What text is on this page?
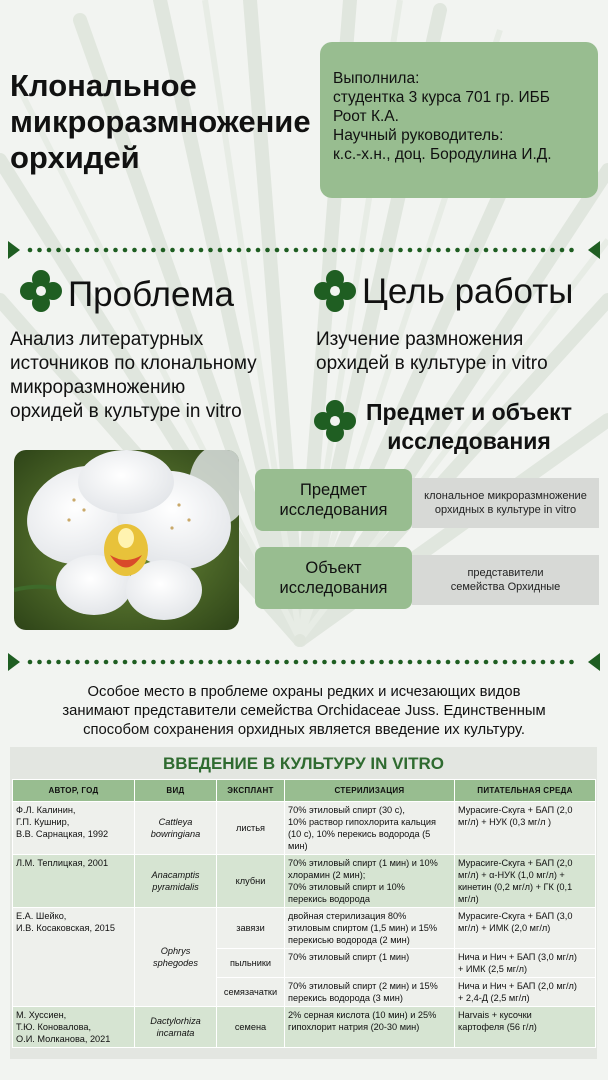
Клональное
микроразмножение
орхидей
Выполнила:
студентка 3 курса 701 гр. ИББ
Роот К.А.
Научный руководитель:
к.с.-х.н., доц. Бородулина И.Д.
Проблема	Цель работы
Анализ литературных
источников по клональному
микроразмножению
орхидей в культуре in vitro
Изучение размножения
орхидей в культуре in vitro
Предмет и объект
исследования
Предмет
исследования
клональное микроразмножение
орхидных в культуре in vitro
Объект
исследования
представители
семейства Орхидные
Особое место в проблеме охраны редких и исчезающих видов
занимают представители семейства Orchidaceae Juss. Единственным
способом сохранения орхидных является введение их культуру.
ВВЕДЕНИЕ В КУЛЬТУРУ IN VITRO
АВТОР, ГОД	ВИД	ЭКСПЛАНТ	СТЕРИЛИЗАЦИЯ	ПИТАТЕЛЬНАЯ СРЕДА

Ф.Л. Калинин,
Г.П. Кушнир,
В.В. Сарнацкая, 1992	Cattleya
bowringiana	листья	70% этиловый спирт (30 с),
10% раствор гипохлорита кальция
(10 с), 10% перекись водорода (5
мин)	Мурасиге-Скуга + БАП (2,0
мг/л) + НУК (0,3 мг/л )

Л.М. Теплицкая, 2001	Anacamptis
pyramidalis	клубни	70% этиловый спирт (1 мин) и 10%
хлорамин (2 мин);
70% этиловый спирт и 10%
перекись водорода	Мурасиге-Скуга + БАП (2,0
мг/л) + α-НУК (1,0 мг/л) +
кинетин (0,2 мг/л) + ГК (0,1
мг/л)

Е.А. Шейко,
И.В. Косаковская, 2015	Ophrys
sphegodes	завязи	двойная стерилизация 80%
этиловым спиртом (1,5 мин) и 15%
перекисью водорода (2 мин)	Мурасиге-Скуга + БАП (3,0
мг/л) + ИМК (2,0 мг/л)

		пыльники	70% этиловый спирт (1 мин)	Нича и Нич + БАП (3,0 мг/л)
+ ИМК (2,5 мг/л)

		семязачатки	70% этиловый спирт (2 мин) и 15%
перекись водорода (3 мин)	Нича и Нич + БАП (2,0 мг/л)
+ 2,4-Д (2,5 мг/л)

М. Хуссиен,
Т.Ю. Коновалова,
О.И. Молканова, 2021	Dactylorhiza
incarnata	семена	2% серная кислота (10 мин) и 25%
гипохлорит натрия (20-30 мин)	Harvais + кусочки
картофеля (56 г/л)
